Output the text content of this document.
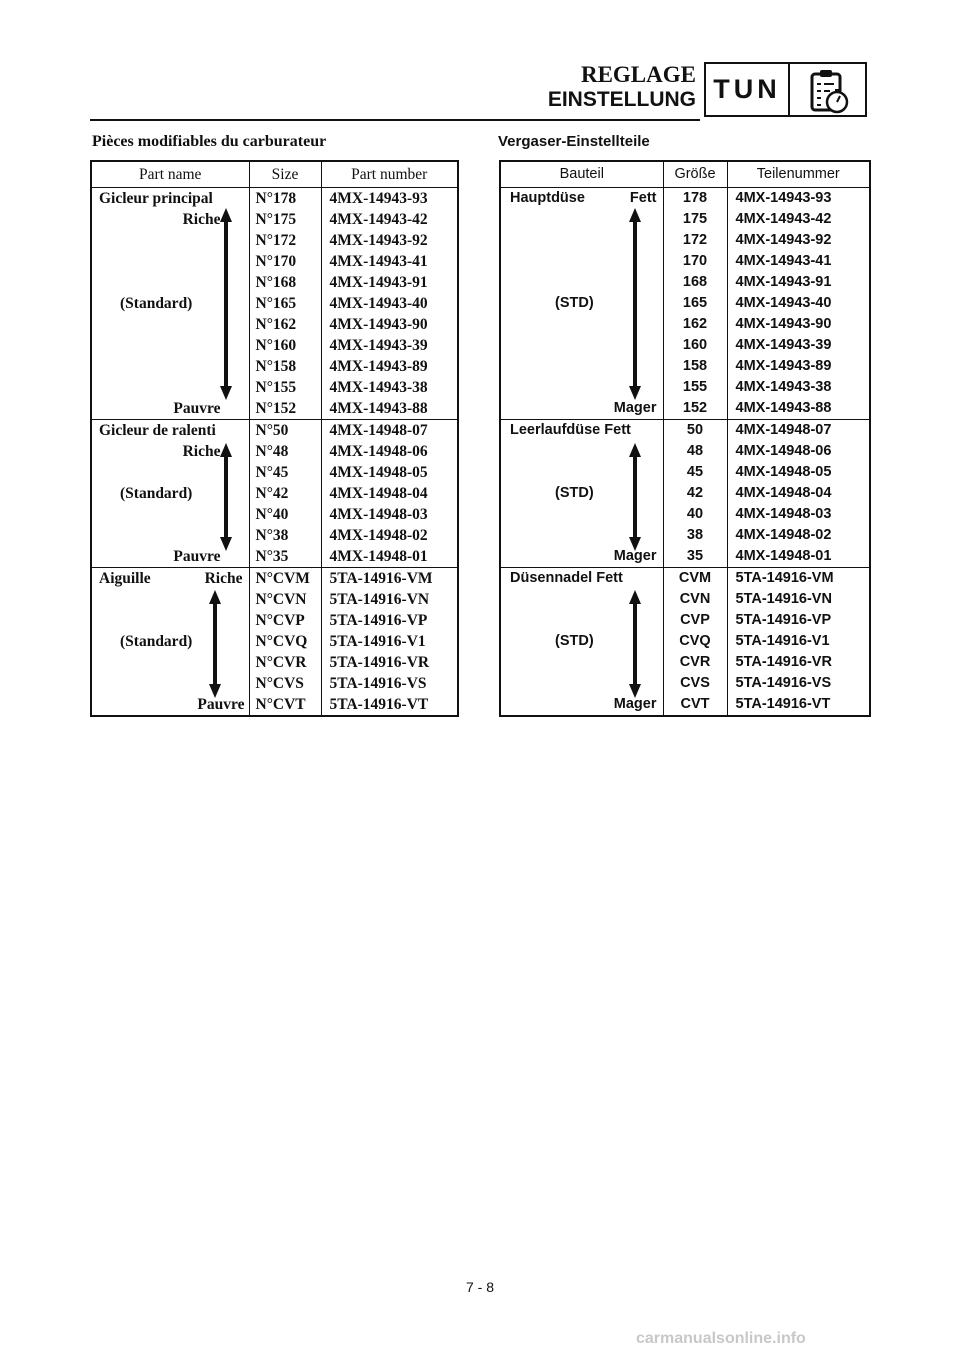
REGLAGE
EINSTELLUNG TUN
Pièces modifiables du carburateur	Vergaser-Einstellteile
Part name	Size	Part number
Gicleur principal	N°178	4MX-14943-93
Riche	N°175	4MX-14943-42
	N°172	4MX-14943-92
	N°170	4MX-14943-41
	N°168	4MX-14943-91
(Standard)	N°165	4MX-14943-40
	N°162	4MX-14943-90
	N°160	4MX-14943-39
	N°158	4MX-14943-89
	N°155	4MX-14943-38
Pauvre	N°152	4MX-14943-88
Gicleur de ralenti	N°50	4MX-14948-07
Riche	N°48	4MX-14948-06
	N°45	4MX-14948-05
(Standard)	N°42	4MX-14948-04
	N°40	4MX-14948-03
	N°38	4MX-14948-02
Pauvre	N°35	4MX-14948-01

Aiguille Riche	N°CVM	5TA-14916-VM
	N°CVN	5TA-14916-VN
	N°CVP	5TA-14916-VP
(Standard)	N°CVQ	5TA-14916-V1
	N°CVR	5TA-14916-VR
	N°CVS	5TA-14916-VS
Pauvre	N°CVT	5TA-14916-VT
Bauteil	Größe	Teilenummer

Hauptdüse Fett	178	4MX-14943-93
	175	4MX-14943-42
	172	4MX-14943-92
	170	4MX-14943-41
	168	4MX-14943-91
(STD)	165	4MX-14943-40
	162	4MX-14943-90
	160	4MX-14943-39
	158	4MX-14943-89
	155	4MX-14943-38
Mager	152	4MX-14943-88
Leerlaufdüse Fett	50	4MX-14948-07
	48	4MX-14948-06
	45	4MX-14948-05
(STD)	42	4MX-14948-04
	40	4MX-14948-03
	38	4MX-14948-02
Mager	35	4MX-14948-01
Düsennadel Fett	CVM	5TA-14916-VM
	CVN	5TA-14916-VN
	CVP	5TA-14916-VP
(STD)	CVQ	5TA-14916-V1
	CVR	5TA-14916-VR
	CVS	5TA-14916-VS
Mager	CVT	5TA-14916-VT
7 - 8
carmanualsonline.info
